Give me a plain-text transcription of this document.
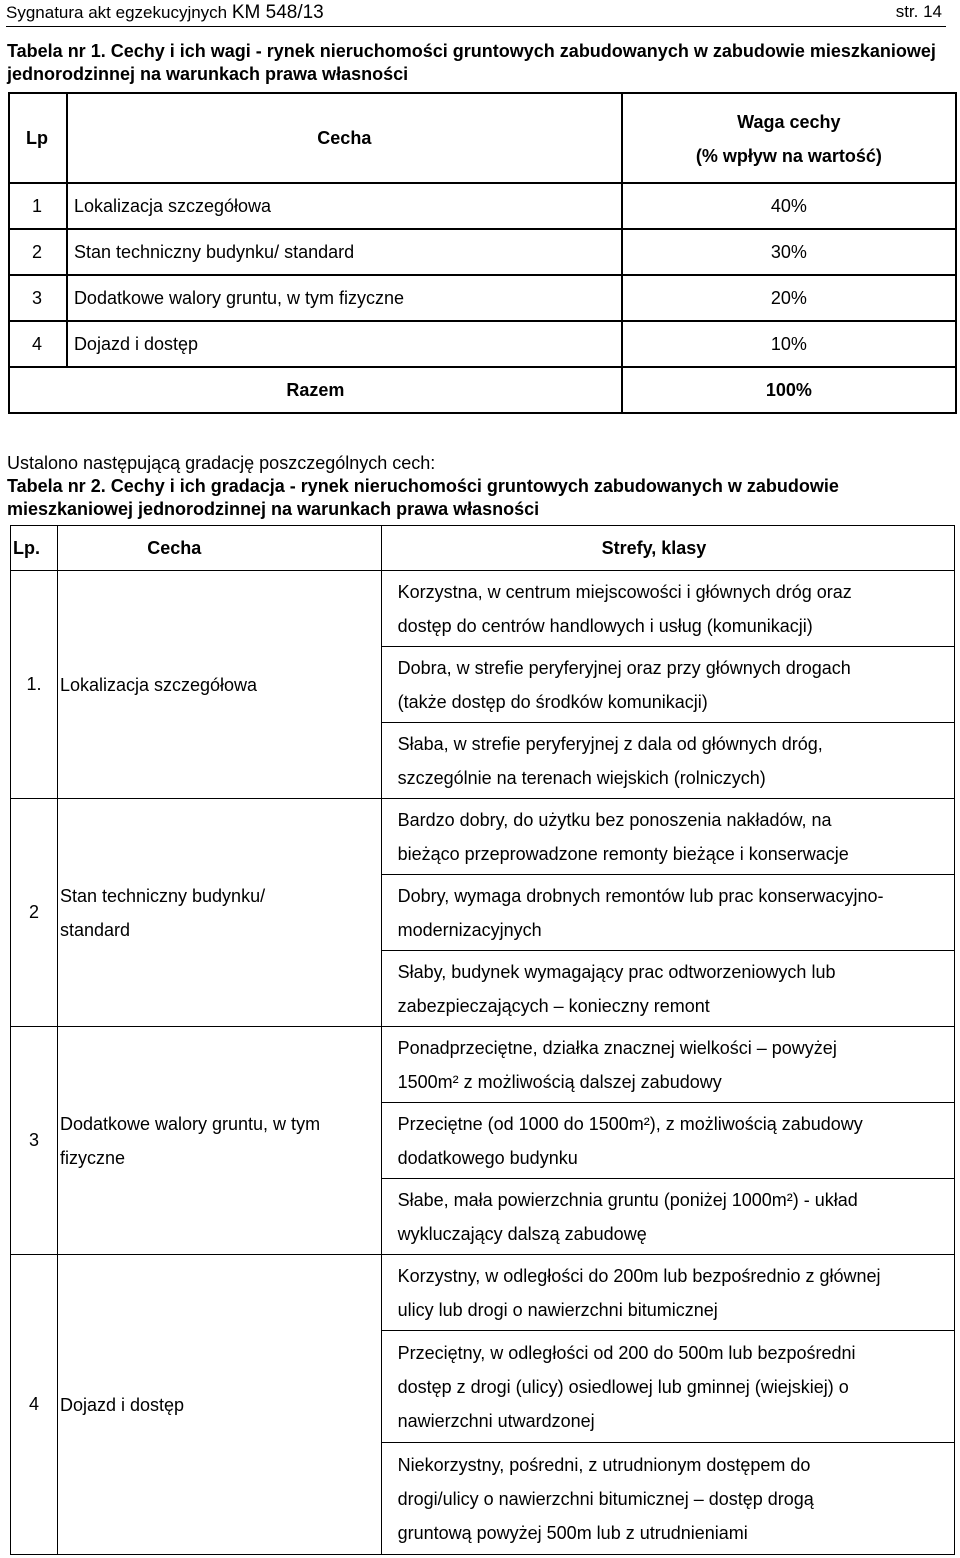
Sygnatura akt egzekucyjnych KM 548/13	str. 14
Tabela nr 1. Cechy i ich wagi - rynek nieruchomości gruntowych zabudowanych w zabudowie mieszkaniowej jednorodzinnej na warunkach prawa własności
Lp	Cecha	Waga cechy
(% wpływ na wartość)
1	Lokalizacja szczegółowa	40%
2	Stan techniczny budynku/ standard	30%
3	Dodatkowe walory gruntu, w tym fizyczne	20%
4	Dojazd i dostęp	10%
Razem		100%
Ustalono następującą gradację poszczególnych cech:
Tabela nr 2. Cechy i ich gradacja - rynek nieruchomości gruntowych zabudowanych w zabudowie mieszkaniowej jednorodzinnej na warunkach prawa własności
Lp.	Cecha	Strefy, klasy
1.	Lokalizacja szczegółowa	Korzystna, w centrum miejscowości i głównych dróg oraz
dostęp do centrów handlowych i usług (komunikacji)
		Dobra, w strefie peryferyjnej oraz przy głównych drogach
(także dostęp do środków komunikacji)
		Słaba, w strefie peryferyjnej z dala od głównych dróg,
szczególnie na terenach wiejskich (rolniczych)
2	Stan techniczny budynku/
standard	Bardzo dobry, do użytku bez ponoszenia nakładów, na
bieżąco przeprowadzone remonty bieżące i konserwacje
		Dobry, wymaga drobnych remontów lub prac konserwacyjno-
modernizacyjnych
		Słaby, budynek wymagający prac odtworzeniowych lub
zabezpieczających – konieczny remont
3	Dodatkowe walory gruntu, w tym
fizyczne	Ponadprzeciętne, działka znacznej wielkości – powyżej
1500m² z możliwością dalszej zabudowy
		Przeciętne (od 1000 do 1500m²), z możliwością zabudowy
dodatkowego budynku
		Słabe, mała powierzchnia gruntu (poniżej 1000m²) - układ
wykluczający dalszą zabudowę
4	Dojazd i dostęp	Korzystny, w odległości do 200m lub bezpośrednio z głównej
ulicy lub drogi o nawierzchni bitumicznej
		Przeciętny, w odległości od 200 do 500m lub bezpośredni
dostęp z drogi (ulicy) osiedlowej lub gminnej (wiejskiej) o
nawierzchni utwardzonej
		Niekorzystny, pośredni, z utrudnionym dostępem do
drogi/ulicy o nawierzchni bitumicznej – dostęp drogą
gruntową powyżej 500m lub z utrudnieniami
